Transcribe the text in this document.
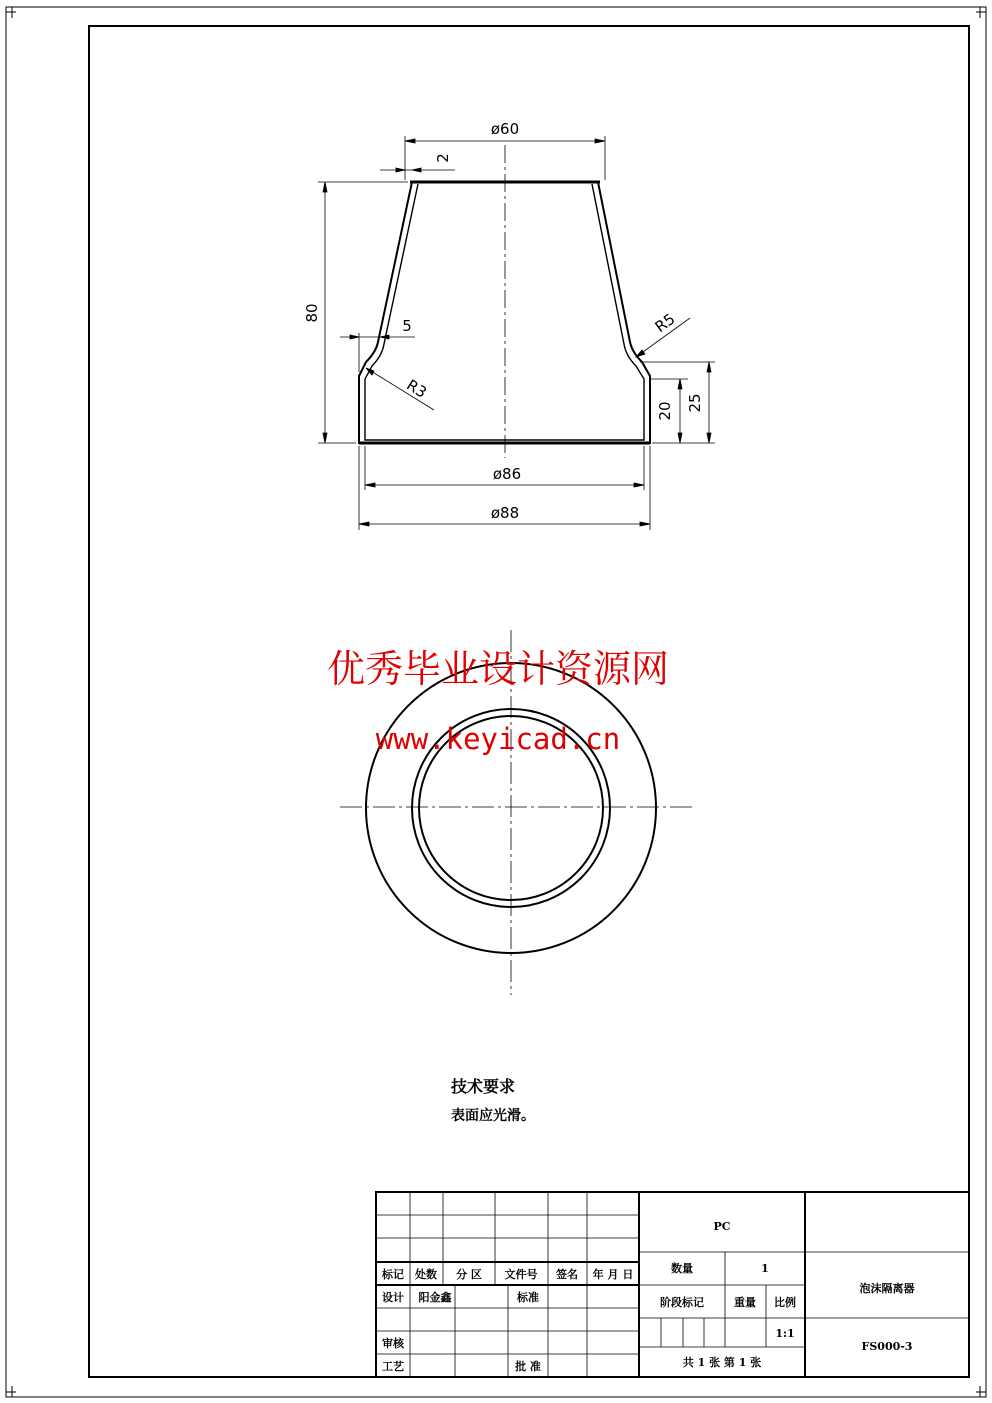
ø60
2
80
5
R3
R5
20 25
ø86
ø88
优秀毕业设计资源网
www.keyicad.cn
技术要求
表面应光滑。
标记 处数 分 区 文件号 签名 年 月 日
设计 阳金鑫	标准
审核
工艺	批 准
PC
数量	1
阶段标记	重量 比例
1:1
共 1 张 第 1 张
泡沫隔离器
FS000-3
